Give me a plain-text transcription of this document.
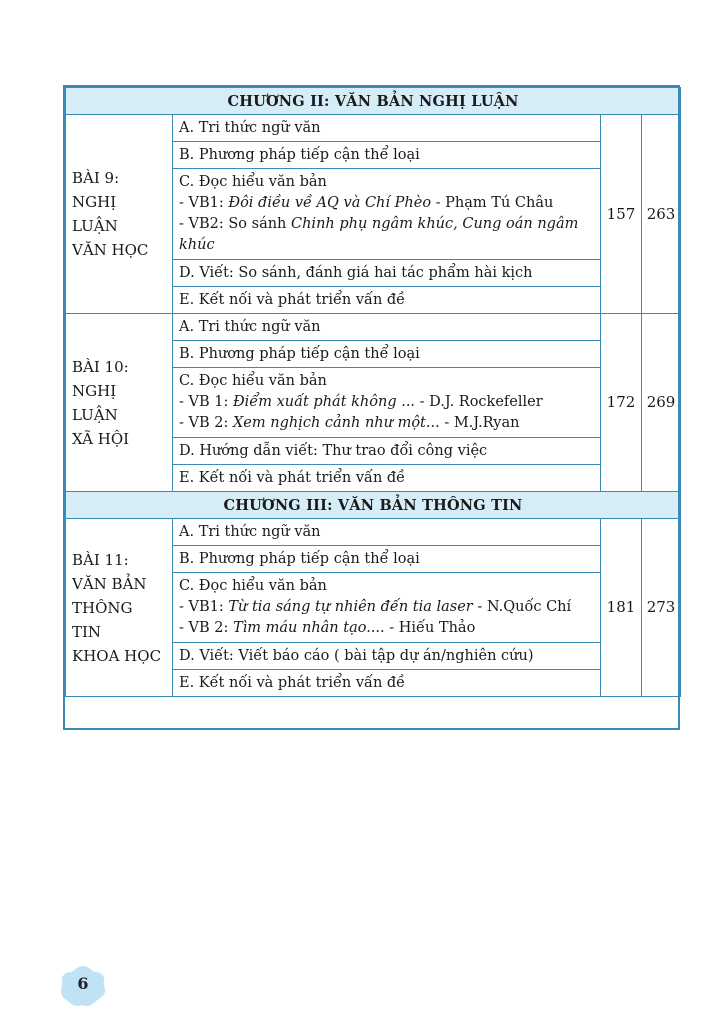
CHƯƠNG II: VĂN BẢN NGHỊ LUẬN			

BÀI 9:
NGHỊ LUẬN
VĂN HỌC	A. Tri thức ngữ văn	157	263
	B. Phương pháp tiếp cận thể loại		

	C. Đọc hiểu văn bản
- VB1: Đôi điều về AQ và Chí Phèo - Phạm Tú Châu
- VB2: So sánh Chinh phụ ngâm khúc, Cung oán ngâm khúc		

	D. Viết: So sánh, đánh giá hai tác phẩm hài kịch		
	E. Kết nối và phát triển vấn đề		

BÀI 10:
NGHỊ LUẬN
XÃ HỘI	A. Tri thức ngữ văn	172	269
	B. Phương pháp tiếp cận thể loại		

	C. Đọc hiểu văn bản
- VB 1: Điểm xuất phát không ... - D.J. Rockefeller
- VB 2: Xem nghịch cảnh như một... - M.J.Ryan		

	D. Hướng dẫn viết: Thư trao đổi công việc		
	E. Kết nối và phát triển vấn đề		
CHƯƠNG III: VĂN BẢN THÔNG TIN			

BÀI 11:
VĂN BẢN
THÔNG TIN
KHOA HỌC	A. Tri thức ngữ văn	181	273
	B. Phương pháp tiếp cận thể loại		

	C. Đọc hiểu văn bản
- VB1: Từ tia sáng tự nhiên đến tia laser - N.Quốc Chí
- VB 2: Tìm máu nhân tạo.... - Hiếu Thảo		

	D. Viết: Viết báo cáo ( bài tập dự án/nghiên cứu)		
	E. Kết nối và phát triển vấn đề		
6
